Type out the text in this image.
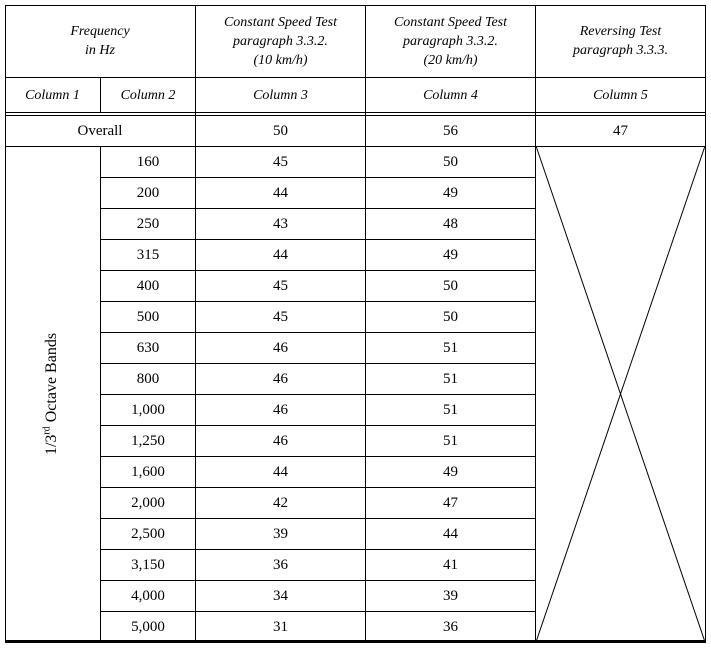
Frequency
in Hz
Constant Speed Test
paragraph 3.3.2.
(10 km/h)
Constant Speed Test
paragraph 3.3.2.
(20 km/h)
Reversing Test
paragraph 3.3.3.
Column 1	Column 2	Column 3	Column 4	Column 5
Overall	50	56	47
1/3rd Octave Bands
160	45	50
200	44	49
250	43	48
315	44	49
400	45	50
500	45	50
630	46	51
800	46	51
1,000	46	51
1,250	46	51
1,600	44	49
2,000	42	47
2,500	39	44
3,150	36	41
4,000	34	39
5,000	31	36
